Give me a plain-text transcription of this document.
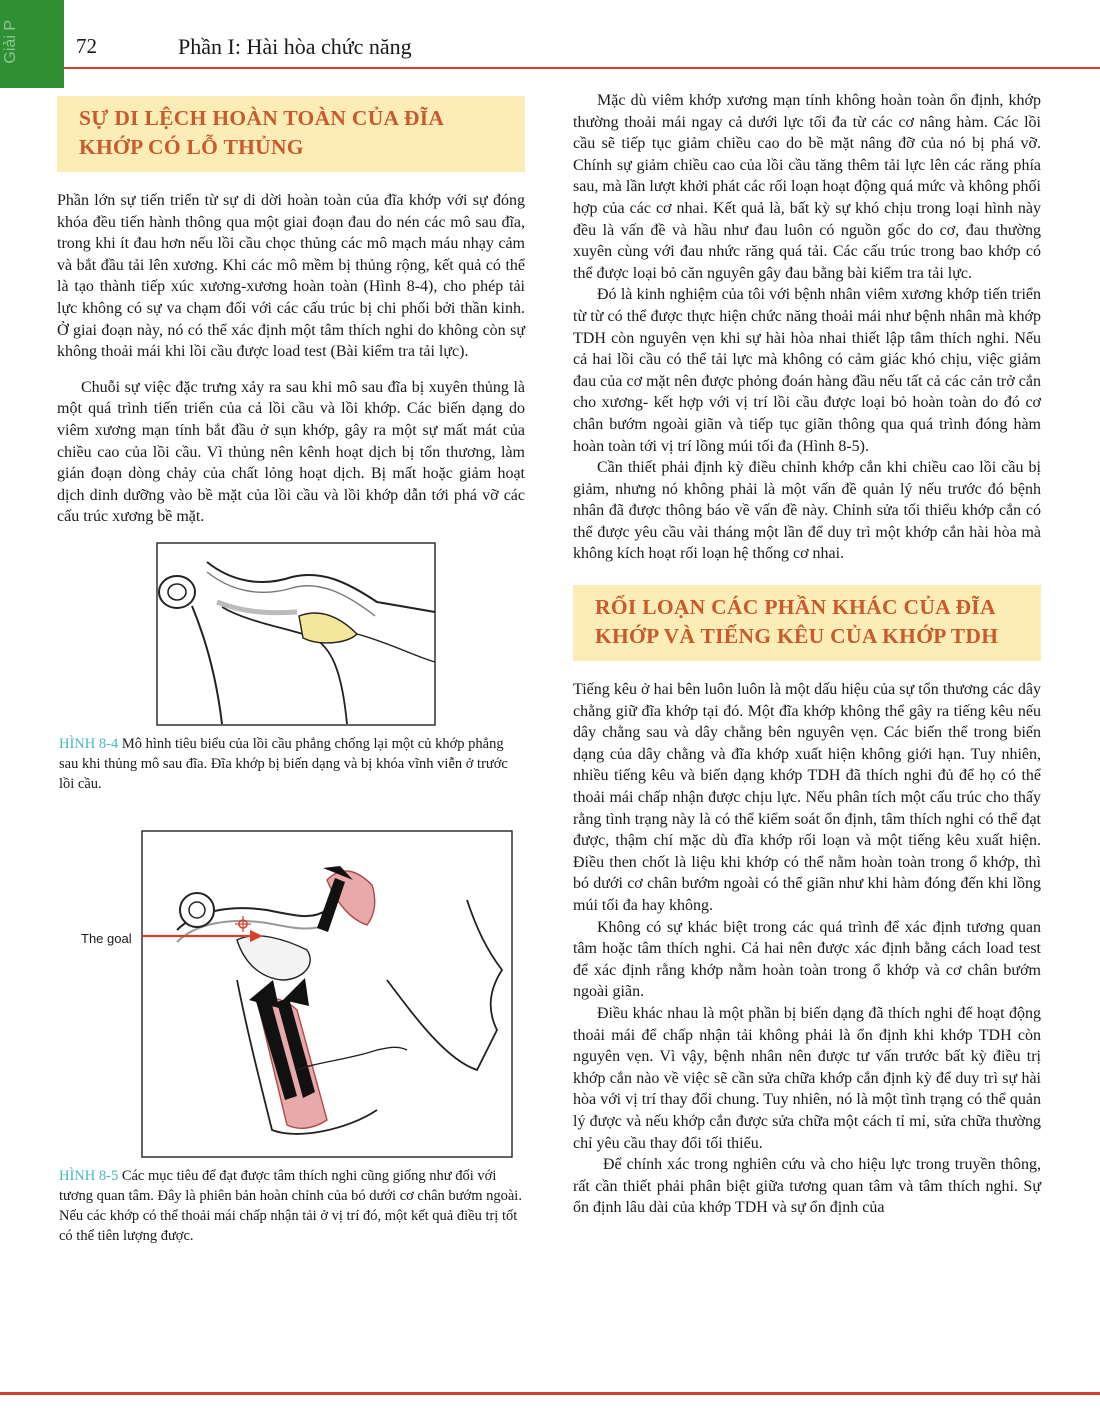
Giải P	72	Phần I: Hài hòa chức năng
SỰ DI LỆCH HOÀN TOÀN CỦA ĐĨA KHỚP CÓ LỖ THỦNG

Phần lớn sự tiến triển từ sự di dời hoàn toàn của đĩa khớp với sự đóng khóa đều tiến hành thông qua một giai đoạn đau do nén các mô sau đĩa, trong khi ít đau hơn nếu lồi cầu chọc thủng các mô mạch máu nhạy cảm và bắt đầu tải lên xương. Khi các mô mềm bị thủng rộng, kết quả có thể là tạo thành tiếp xúc xương-xương hoàn toàn (Hình 8-4), cho phép tải lực không có sự va chạm đối với các cấu trúc bị chi phối bởi thần kinh. Ở giai đoạn này, nó có thể xác định một tâm thích nghi do không còn sự không thoải mái khi lồi cầu được load test (Bài kiểm tra tải lực).

Chuỗi sự việc đặc trưng xảy ra sau khi mô sau đĩa bị xuyên thủng là một quá trình tiến triển của cả lồi cầu và lồi khớp. Các biến dạng do viêm xương mạn tính bắt đầu ở sụn khớp, gây ra một sự mất mát của chiều cao của lồi cầu. Vì thủng nên kênh hoạt dịch bị tổn thương, làm gián đoạn dòng chảy của chất lỏng hoạt dịch. Bị mất hoặc giảm hoạt dịch dinh dưỡng vào bề mặt của lồi cầu và lồi khớp dẫn tới phá vỡ các cấu trúc xương bề mặt.

HÌNH 8-4 Mô hình tiêu biểu của lồi cầu phẳng chống lại một củ khớp phẳng sau khi thủng mô sau đĩa. Đĩa khớp bị biến dạng và bị khóa vĩnh viễn ở trước lồi cầu.

The goal

HÌNH 8-5 Các mục tiêu để đạt được tâm thích nghi cũng giống như đối với tương quan tâm. Đây là phiên bản hoàn chỉnh của bó dưới cơ chân bướm ngoài. Nếu các khớp có thể thoải mái chấp nhận tải ở vị trí đó, một kết quả điều trị tốt có thể tiên lượng được.

Mặc dù viêm khớp xương mạn tính không hoàn toàn ổn định, khớp thường thoải mái ngay cả dưới lực tối đa từ các cơ nâng hàm. Các lồi cầu sẽ tiếp tục giảm chiều cao do bề mặt nâng đỡ của nó bị phá vỡ. Chính sự giảm chiều cao của lồi cầu tăng thêm tải lực lên các răng phía sau, mà lần lượt khởi phát các rối loạn hoạt động quá mức và không phối hợp của các cơ nhai. Kết quả là, bất kỳ sự khó chịu trong loại hình này đều là vấn đề và hầu như đau luôn có nguồn gốc do cơ, đau thường xuyên cùng với đau nhức răng quá tải. Các cấu trúc trong bao khớp có thể được loại bỏ căn nguyên gây đau bằng bài kiểm tra tải lực.

Đó là kinh nghiệm của tôi với bệnh nhân viêm xương khớp tiến triển từ từ có thể được thực hiện chức năng thoải mái như bệnh nhân mà khớp TDH còn nguyên vẹn khi sự hài hòa nhai thiết lập tâm thích nghi. Nếu cả hai lồi cầu có thể tải lực mà không có cảm giác khó chịu, việc giảm đau của cơ mặt nên được phỏng đoán hàng đầu nếu tất cả các cản trở cắn cho xương- kết hợp với vị trí lồi cầu được loại bỏ hoàn toàn do đó cơ chân bướm ngoài giãn và tiếp tục giãn thông qua quá trình đóng hàm hoàn toàn tới vị trí lồng múi tối đa (Hình 8-5).

Cần thiết phải định kỳ điều chỉnh khớp cắn khi chiều cao lồi cầu bị giảm, nhưng nó không phải là một vấn đề quản lý nếu trước đó bệnh nhân đã được thông báo về vấn đề này. Chỉnh sửa tối thiểu khớp cắn có thể được yêu cầu vài tháng một lần để duy trì một khớp cắn hài hòa mà không kích hoạt rối loạn hệ thống cơ nhai.

RỐI LOẠN CÁC PHẦN KHÁC CỦA ĐĨA KHỚP VÀ TIẾNG KÊU CỦA KHỚP TDH

Tiếng kêu ở hai bên luôn luôn là một dấu hiệu của sự tổn thương các dây chằng giữ đĩa khớp tại đó. Một đĩa khớp không thể gây ra tiếng kêu nếu dây chằng sau và dây chằng bên nguyên vẹn. Các biến thể trong biến dạng của dây chằng và đĩa khớp xuất hiện không giới hạn. Tuy nhiên, nhiều tiếng kêu và biến dạng khớp TDH đã thích nghi đủ để họ có thể thoải mái chấp nhận được chịu lực. Nếu phân tích một cấu trúc cho thấy rằng tình trạng này là có thể kiểm soát ổn định, tâm thích nghi có thể đạt được, thậm chí mặc dù đĩa khớp rối loạn và một tiếng kêu xuất hiện. Điều then chốt là liệu khi khớp có thể nằm hoàn toàn trong ổ khớp, thì bó dưới cơ chân bướm ngoài có thể giãn như khi hàm đóng đến khi lồng múi tối đa hay không.

Không có sự khác biệt trong các quá trình để xác định tương quan tâm hoặc tâm thích nghi. Cả hai nên được xác định bằng cách load test để xác định rằng khớp nằm hoàn toàn trong ổ khớp và cơ chân bướm ngoài giãn.

Điều khác nhau là một phần bị biến dạng đã thích nghi để hoạt động thoải mái để chấp nhận tải không phải là ổn định khi khớp TDH còn nguyên vẹn. Vì vậy, bệnh nhân nên được tư vấn trước bất kỳ điều trị khớp cắn nào về việc sẽ cần sửa chữa khớp cắn định kỳ để duy trì sự hài hòa với vị trí thay đổi chung. Tuy nhiên, nó là một tình trạng có thể quản lý được và nếu khớp cắn được sửa chữa một cách tỉ mỉ, sửa chữa thường chỉ yêu cầu thay đổi tối thiểu.

Để chính xác trong nghiên cứu và cho hiệu lực trong truyền thông, rất cần thiết phải phân biệt giữa tương quan tâm và tâm thích nghi. Sự ổn định lâu dài của khớp TDH và sự ổn định của
